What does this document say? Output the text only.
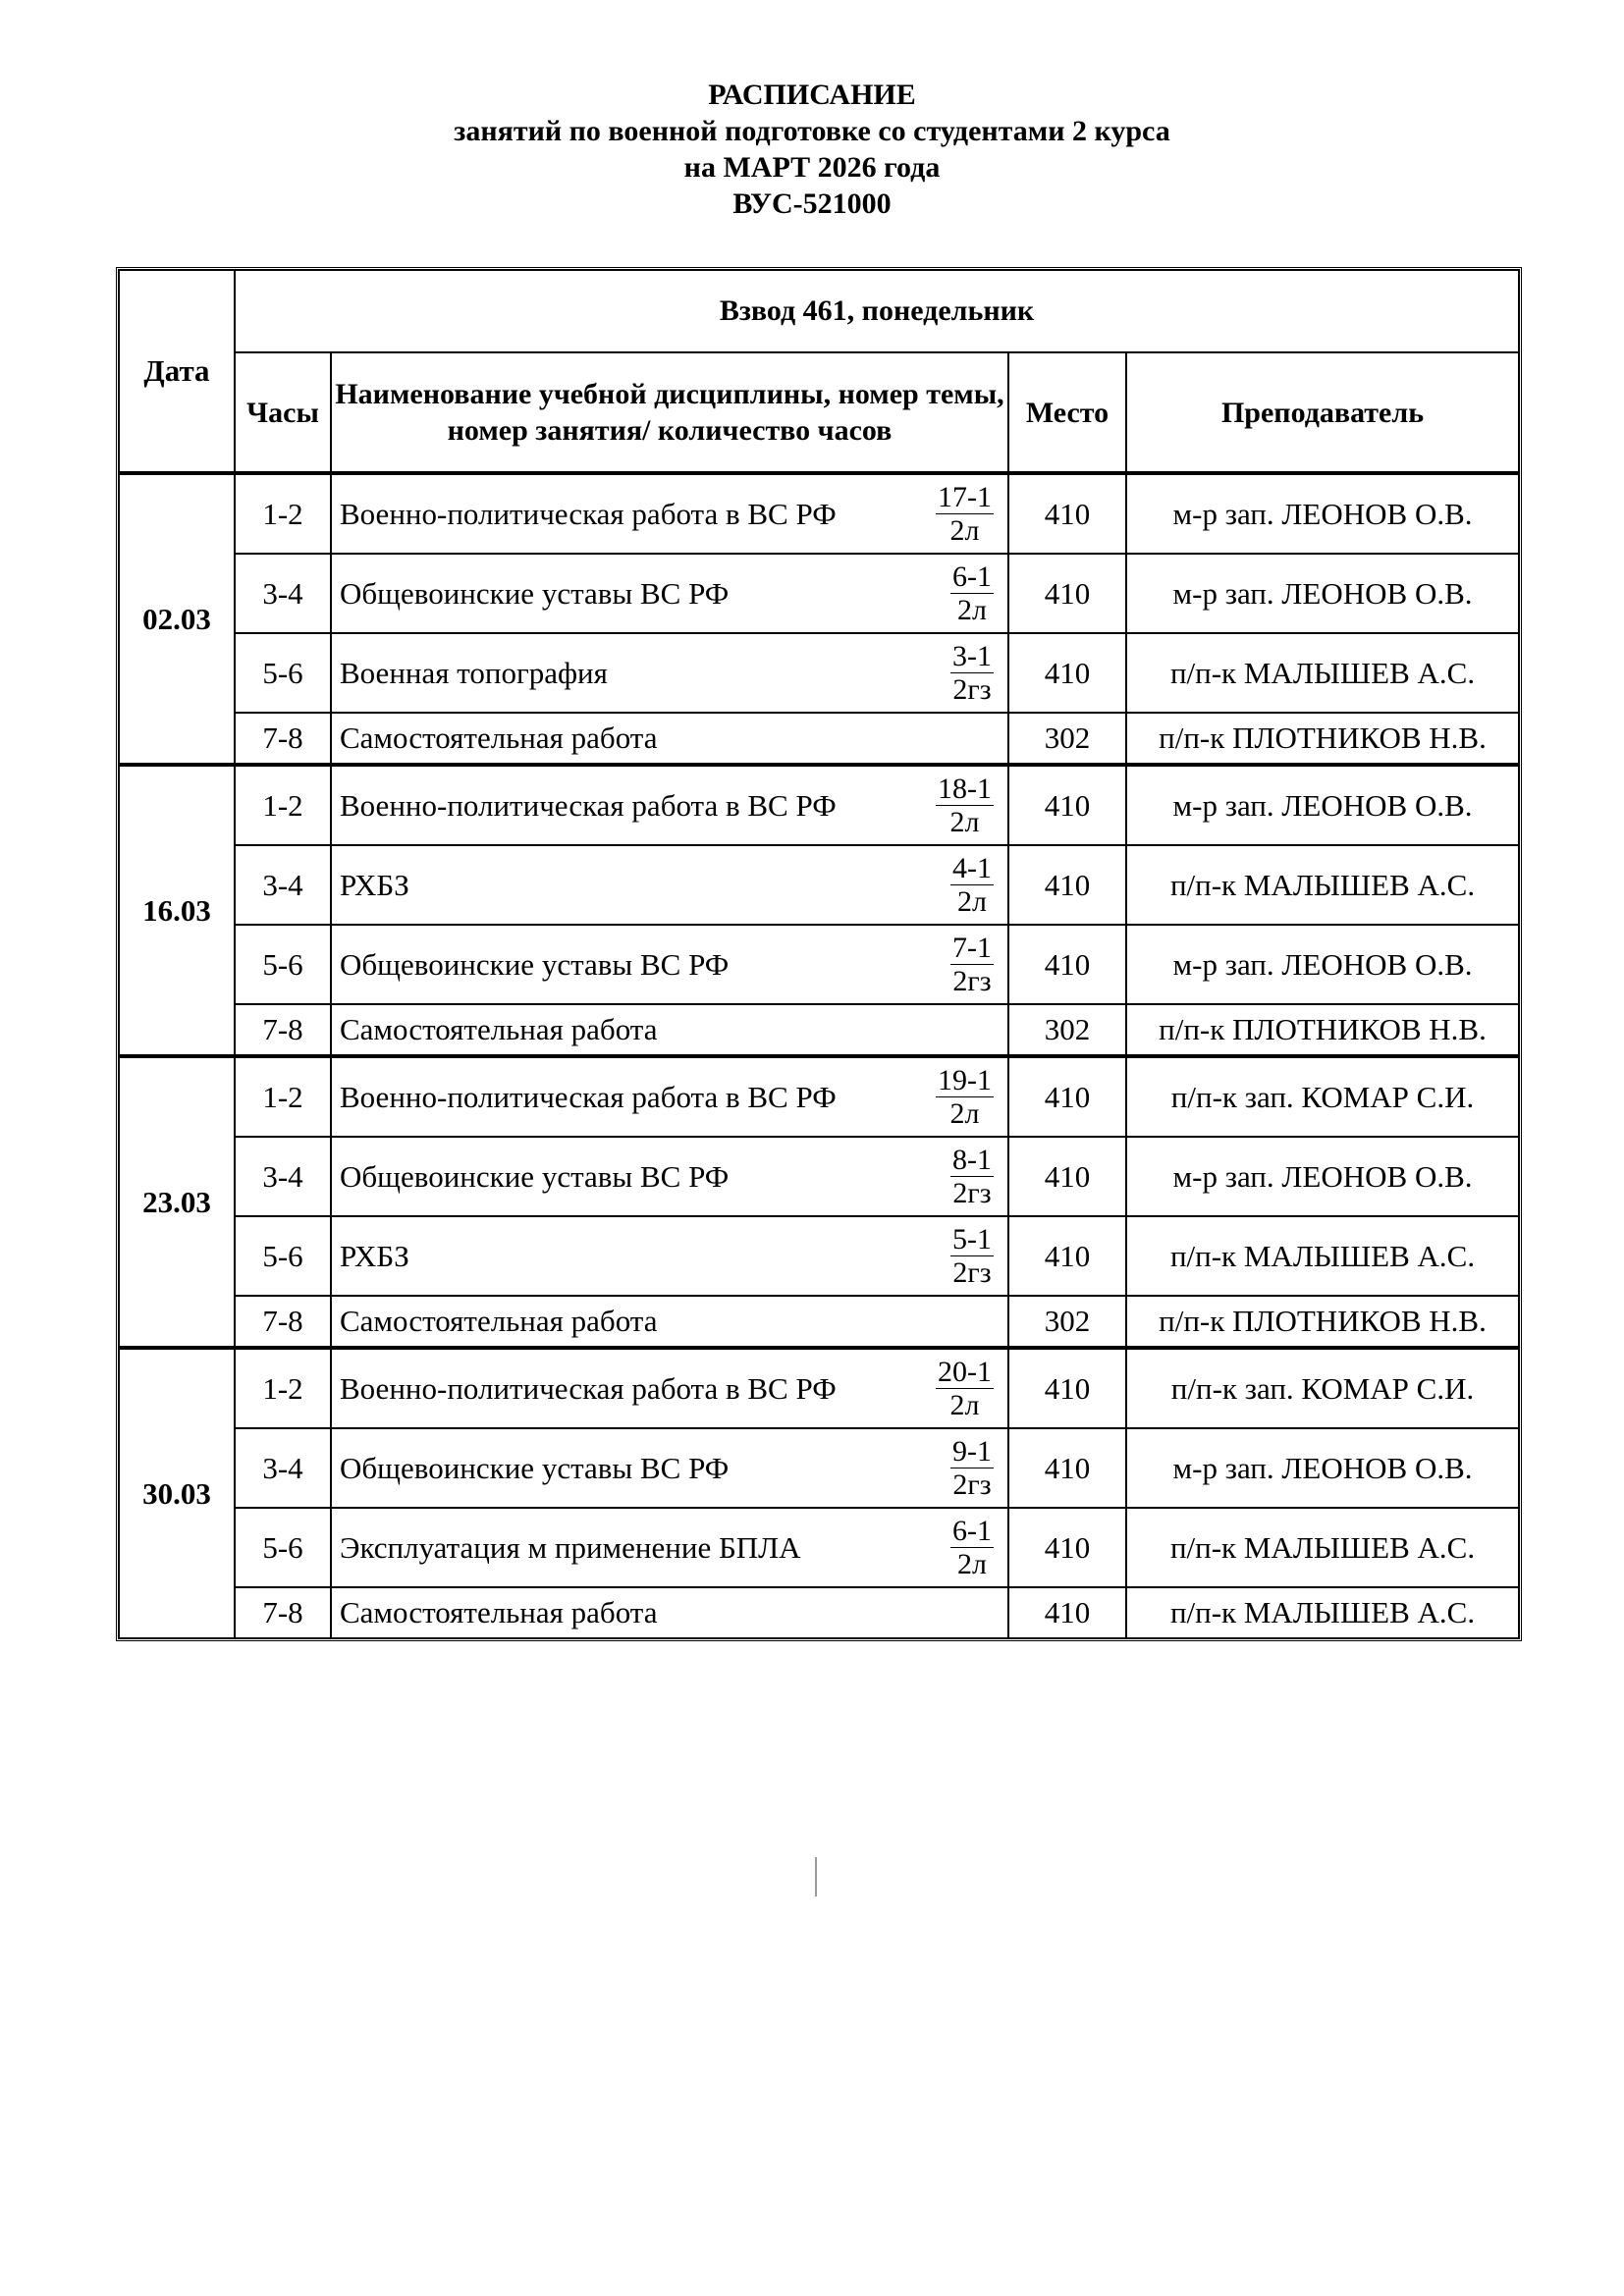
РАСПИСАНИЕ
занятий по военной подготовке со студентами 2 курса
на МАРТ 2026 года
ВУС-521000
Дата	Взвод 461, понедельник			
	Часы	Наименование учебной дисциплины, номер темы, номер занятия/ количество часов	Место	Преподаватель
02.03	1-2	Военно-политическая работа в ВС РФ $\frac{17-1}{2л}$	410	м-р зап. ЛЕОНОВ О.В.
	3-4	Общевоинские уставы ВС РФ $\frac{6-1}{2л}$	410	м-р зап. ЛЕОНОВ О.В.
	5-6	Военная топография $\frac{3-1}{2гз}$	410	п/п-к МАЛЫШЕВ А.С.
	7-8	Самостоятельная работа	302	п/п-к ПЛОТНИКОВ Н.В.
16.03	1-2	Военно-политическая работа в ВС РФ $\frac{18-1}{2л}$	410	м-р зап. ЛЕОНОВ О.В.
	3-4	РХБЗ $\frac{4-1}{2л}$	410	п/п-к МАЛЫШЕВ А.С.
	5-6	Общевоинские уставы ВС РФ $\frac{7-1}{2гз}$	410	м-р зап. ЛЕОНОВ О.В.
	7-8	Самостоятельная работа	302	п/п-к ПЛОТНИКОВ Н.В.
23.03	1-2	Военно-политическая работа в ВС РФ $\frac{19-1}{2л}$	410	п/п-к зап. КОМАР С.И.
	3-4	Общевоинские уставы ВС РФ $\frac{8-1}{2гз}$	410	м-р зап. ЛЕОНОВ О.В.
	5-6	РХБЗ $\frac{5-1}{2гз}$	410	п/п-к МАЛЫШЕВ А.С.
	7-8	Самостоятельная работа	302	п/п-к ПЛОТНИКОВ Н.В.
30.03	1-2	Военно-политическая работа в ВС РФ $\frac{20-1}{2л}$	410	п/п-к зап. КОМАР С.И.
	3-4	Общевоинские уставы ВС РФ $\frac{9-1}{2гз}$	410	м-р зап. ЛЕОНОВ О.В.
	5-6	Эксплуатация м применение БПЛА $\frac{6-1}{2л}$	410	п/п-к МАЛЫШЕВ А.С.
	7-8	Самостоятельная работа	410	п/п-к МАЛЫШЕВ А.С.
